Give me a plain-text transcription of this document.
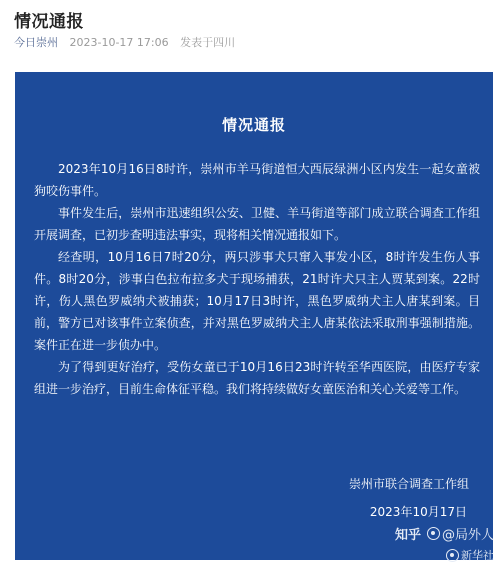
情况通报
今日崇州 2023-10-17 17:06 发表于四川
情况通报

2023年10月16日8时许，崇州市羊马街道恒大西辰绿洲小区内发生一起女童被狗咬伤事件。

事件发生后，崇州市迅速组织公安、卫健、羊马街道等部门成立联合调查工作组开展调查，已初步查明违法事实，现将相关情况通报如下。

经查明，10月16日7时20分，两只涉事犬只窜入事发小区，8时许发生伤人事件。8时20分，涉事白色拉布拉多犬于现场捕获，21时许犬只主人贾某到案。22时许，伤人黑色罗威纳犬被捕获；10月17日3时许，黑色罗威纳犬主人唐某到案。目前，警方已对该事件立案侦查，并对黑色罗威纳犬主人唐某依法采取刑事强制措施。案件正在进一步侦办中。

为了得到更好治疗，受伤女童已于10月16日23时许转至华西医院，由医疗专家组进一步治疗，目前生命体征平稳。我们将持续做好女童医治和关心关爱等工作。

崇州市联合调查工作组
2023年10月17日
知乎 @局外人
新华社
